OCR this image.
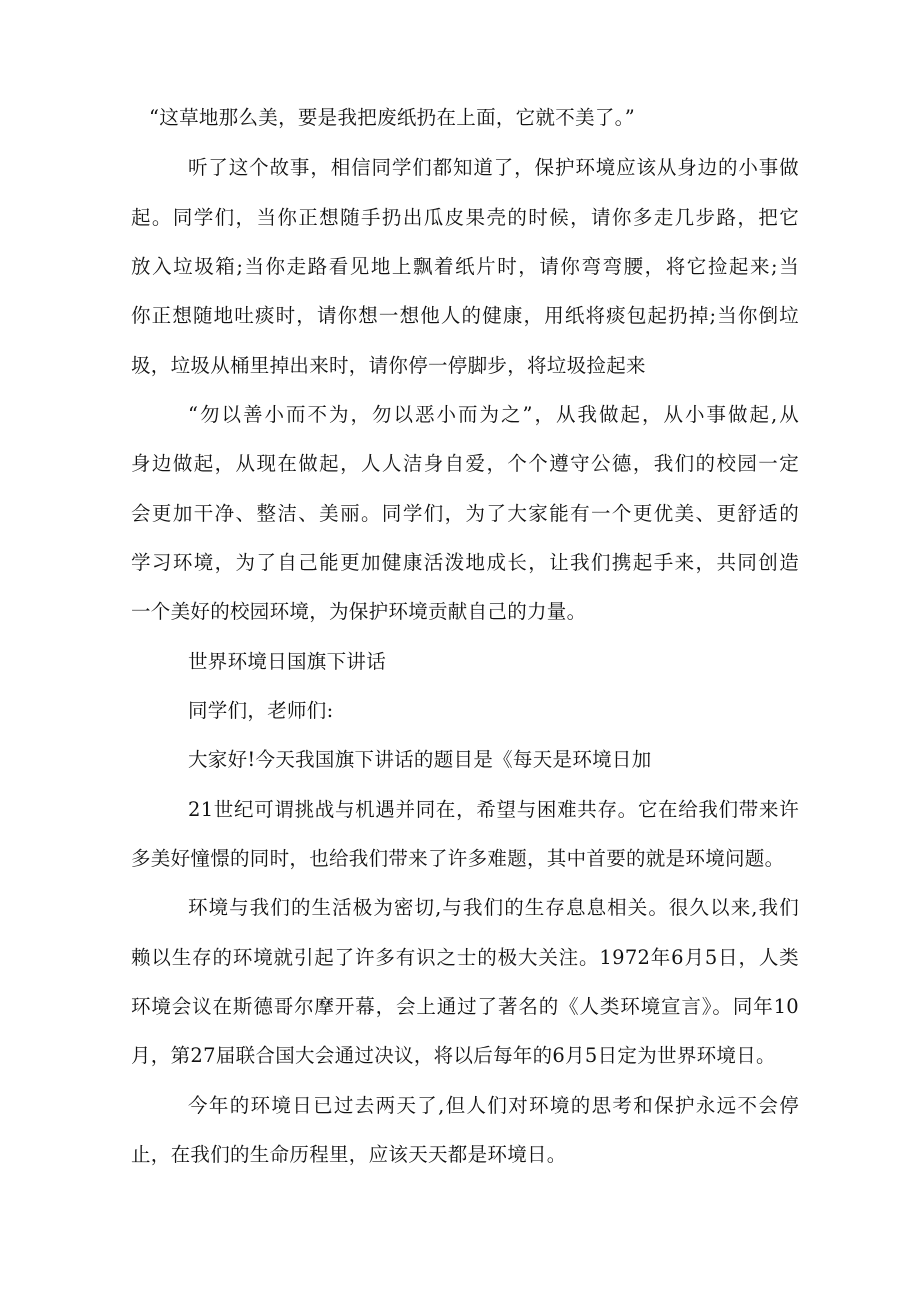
“这草地那么美，要是我把废纸扔在上面，它就不美了。”
听了这个故事，相信同学们都知道了，保护环境应该从身边的小事做
起。同学们，当你正想随手扔出瓜皮果壳的时候，请你多走几步路，把它
放入垃圾箱;当你走路看见地上飘着纸片时，请你弯弯腰，将它捡起来;当
你正想随地吐痰时，请你想一想他人的健康，用纸将痰包起扔掉;当你倒垃
圾，垃圾从桶里掉出来时，请你停一停脚步，将垃圾捡起来
“勿以善小而不为，勿以恶小而为之”，从我做起，从小事做起,从
身边做起，从现在做起，人人洁身自爱，个个遵守公德，我们的校园一定
会更加干净、整洁、美丽。同学们，为了大家能有一个更优美、更舒适的
学习环境，为了自己能更加健康活泼地成长，让我们携起手来，共同创造
一个美好的校园环境，为保护环境贡献自己的力量。
世界环境日国旗下讲话
同学们，老师们:
大家好!今天我国旗下讲话的题目是《每天是环境日加
21世纪可谓挑战与机遇并同在，希望与困难共存。它在给我们带来许
多美好憧憬的同时，也给我们带来了许多难题，其中首要的就是环境问题。
环境与我们的生活极为密切,与我们的生存息息相关。很久以来,我们
赖以生存的环境就引起了许多有识之士的极大关注。1972年6月5日，人类
环境会议在斯德哥尔摩开幕，会上通过了著名的《人类环境宣言》。同年10
月，第27届联合国大会通过决议，将以后每年的6月5日定为世界环境日。
今年的环境日已过去两天了,但人们对环境的思考和保护永远不会停
止，在我们的生命历程里，应该天天都是环境日。
